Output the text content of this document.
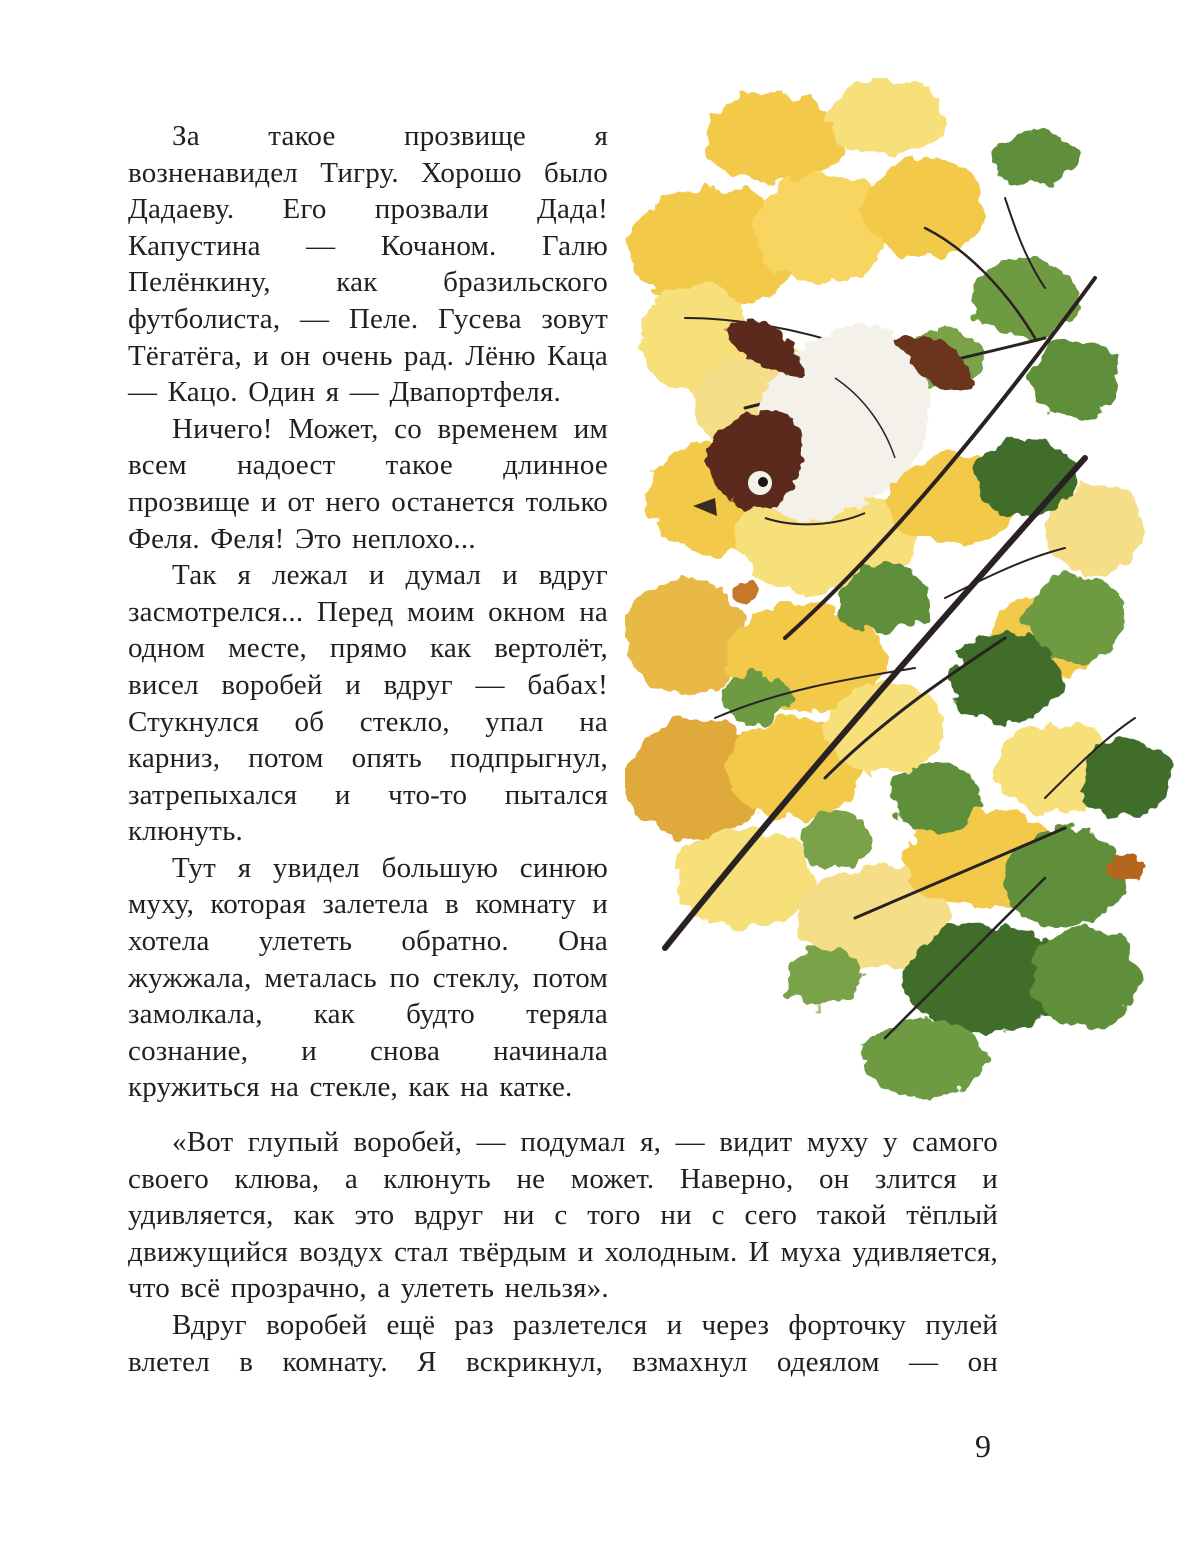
За такое прозвище я возненавидел Тигру. Хорошо было Дадаеву. Его прозвали Дада! Капустина — Кочаном. Галю Пелёнкину, как бразильского футболиста, — Пеле. Гусева зовут Тёгатёга, и он очень рад. Лёню Каца — Кацо. Один я — Двапортфеля.

Ничего! Может, со временем им всем надоест такое длинное прозвище и от него останется только Феля. Феля! Это неплохо...

Так я лежал и думал и вдруг засмотрелся... Перед моим окном на одном месте, прямо как вертолёт, висел воробей и вдруг — бабах! Стукнулся об стекло, упал на карниз, потом опять подпрыгнул, затрепыхался и что-то пытался клюнуть.

Тут я увидел большую синюю муху, которая залетела в комнату и хотела улететь обратно. Она жужжала, металась по стеклу, потом замолкала, как будто теряла сознание, и снова начинала кружиться на стекле, как на катке.

«Вот глупый воробей, — подумал я, — видит муху у самого своего клюва, а клюнуть не может. Наверно, он злится и удивляется, как это вдруг ни с того ни с сего такой тёплый движущийся воздух стал твёрдым и холодным. И муха удивляется, что всё прозрачно, а улететь нельзя».

Вдруг воробей ещё раз разлетелся и через форточку пулей влетел в комнату. Я вскрикнул, взмахнул одеялом — он

9
